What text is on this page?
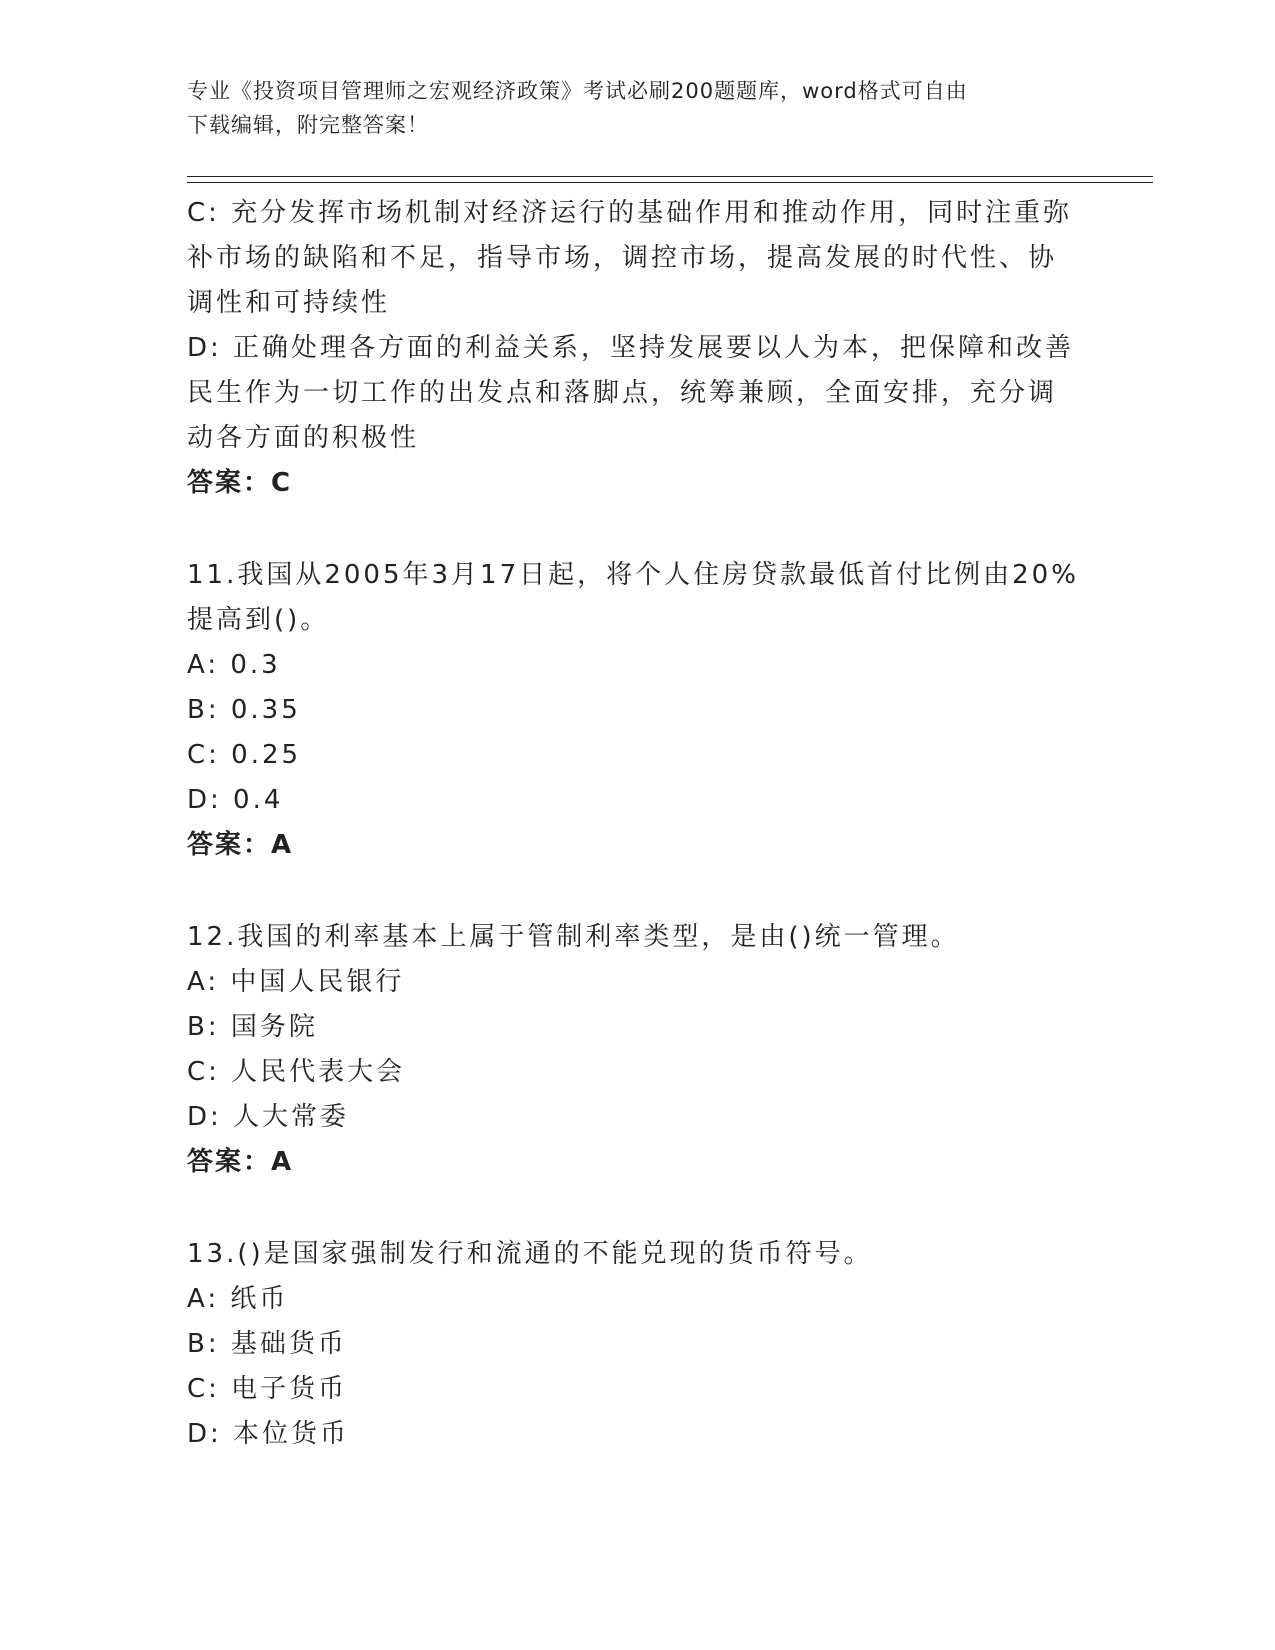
专业《投资项目管理师之宏观经济政策》考试必刷200题题库，word格式可自由
下载编辑，附完整答案！
C: 充分发挥市场机制对经济运行的基础作用和推动作用，同时注重弥
补市场的缺陷和不足，指导市场，调控市场，提高发展的时代性、协
调性和可持续性
D: 正确处理各方面的利益关系，坚持发展要以人为本，把保障和改善
民生作为一切工作的出发点和落脚点，统筹兼顾，全面安排，充分调
动各方面的积极性
答案：C
11.我国从2005年3月17日起，将个人住房贷款最低首付比例由20%
提高到()。
A: 0.3
B: 0.35
C: 0.25
D: 0.4
答案：A
12.我国的利率基本上属于管制利率类型，是由()统一管理。
A: 中国人民银行
B: 国务院
C: 人民代表大会
D: 人大常委
答案：A
13.()是国家强制发行和流通的不能兑现的货币符号。
A: 纸币
B: 基础货币
C: 电子货币
D: 本位货币
